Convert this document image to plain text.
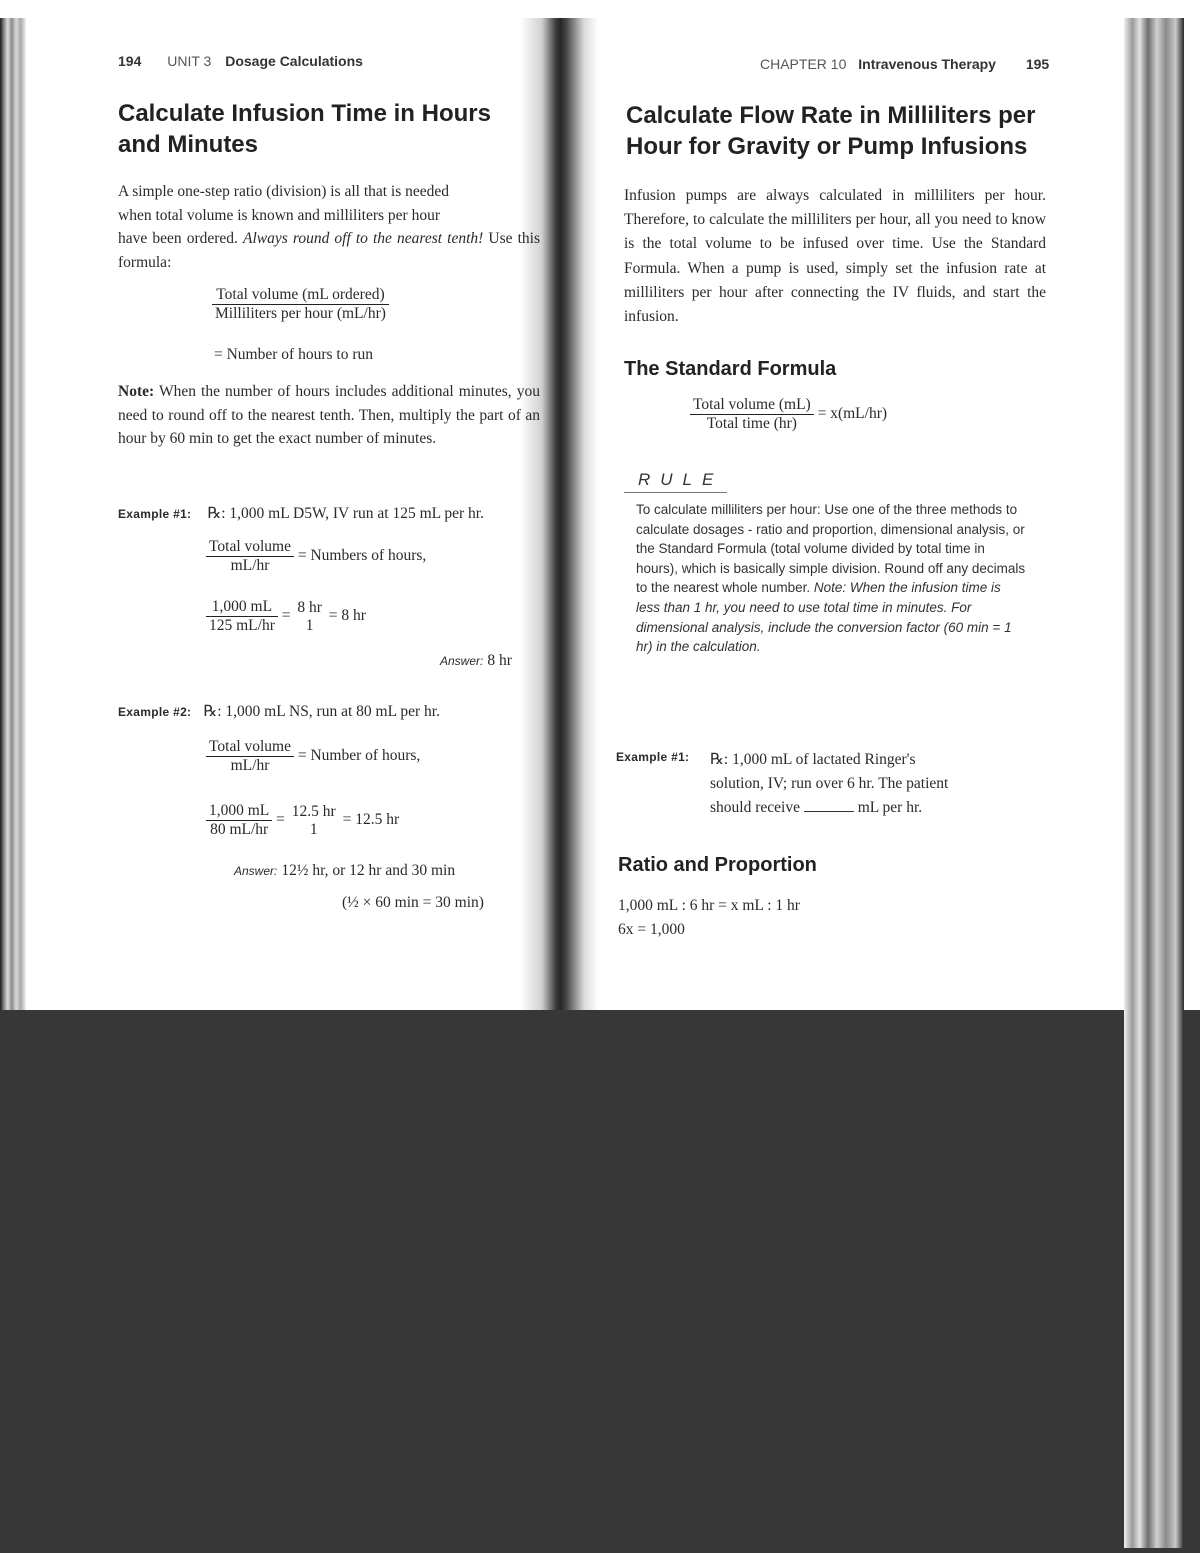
194 UNIT 3 Dosage Calculations
Calculate Infusion Time in Hours
and Minutes
A simple one-step ratio (division) is all that is needed
when total volume is known and milliliters per hour
have been ordered. Always round off to the nearest tenth! Use this formula:
Total volume (mL ordered)
Milliliters per hour (mL/hr)
= Number of hours to run
Note: When the number of hours includes additional minutes, you need to round off to the nearest tenth. Then, multiply the part of an hour by 60 min to get the exact number of minutes.
Example #1: ℞: 1,000 mL D5W, IV run at 125 mL per hr.
Total volume
mL/hr
= Numbers of hours,
$\frac{1,000 mL}{125 mL/hr}$ =
8 hr
1
= 8 hr
Answer: 8 hr
Example #2: ℞: 1,000 mL NS, run at 80 mL per hr.
Total volume
mL/hr
= Number of hours,
$\frac{1,000 mL}{80 mL/hr}$ =
12.5 hr
1
= 12.5 hr
Answer: 12½ hr, or 12 hr and 30 min
(½ × 60 min = 30 min)
CHAPTER 10 Intravenous Therapy 195
Calculate Flow Rate in Milliliters per
Hour for Gravity or Pump Infusions
Infusion pumps are always calculated in milliliters per hour. Therefore, to calculate the milliliters per hour, all you need to know is the total volume to be infused over time. Use the Standard Formula. When a pump is used, simply set the infusion rate at milliliters per hour after connecting the IV fluids, and start the infusion.
The Standard Formula
Total volume (mL)
Total time (hr)
= x(mL/hr)
RULE
To calculate milliliters per hour: Use one of the three methods to calculate dosages - ratio and proportion, dimensional analysis, or the Standard Formula (total volume divided by total time in hours), which is basically simple division. Round off any decimals to the nearest whole number. Note: When the infusion time is less than 1 hr, you need to use total time in minutes. For dimensional analysis, include the conversion factor (60 min = 1 hr) in the calculation.
Example #1: ℞: 1,000 mL of lactated Ringer's
solution, IV; run over 6 hr. The patient
should receive	mL per hr.
Ratio and Proportion
1,000 mL : 6 hr = x mL : 1 hr
6x = 1,000
